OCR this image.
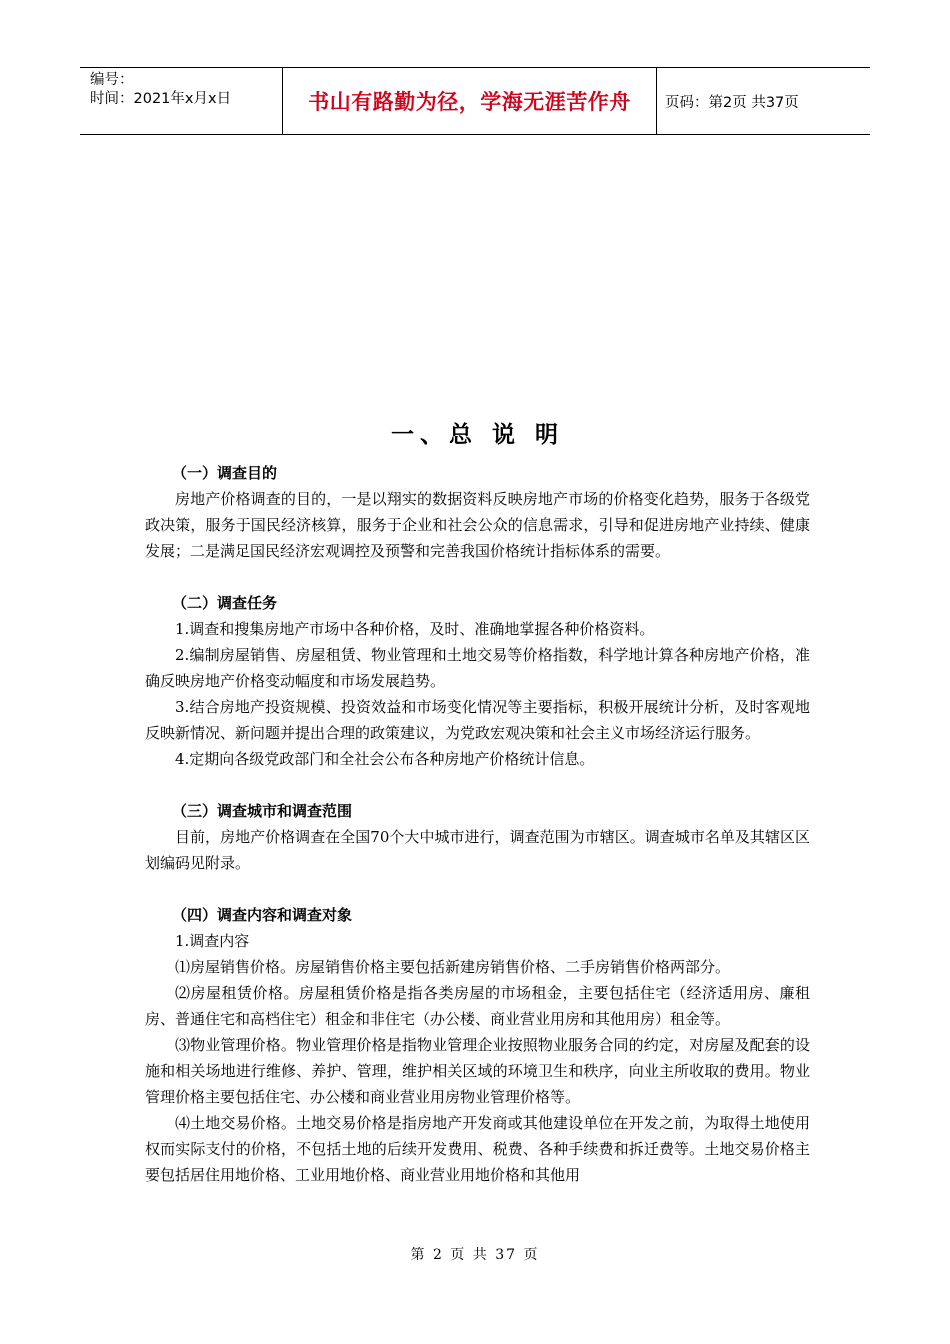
编号：
时间：2021年x月x日	书山有路勤为径，学海无涯苦作舟	页码：第2页 共37页
一、总 说 明

（一）调查目的

房地产价格调查的目的，一是以翔实的数据资料反映房地产市场的价格变化趋势，服务于各级党政决策，服务于国民经济核算，服务于企业和社会公众的信息需求，引导和促进房地产业持续、健康发展；二是满足国民经济宏观调控及预警和完善我国价格统计指标体系的需要。

（二）调查任务

1.调查和搜集房地产市场中各种价格，及时、准确地掌握各种价格资料。

2.编制房屋销售、房屋租赁、物业管理和土地交易等价格指数，科学地计算各种房地产价格，准确反映房地产价格变动幅度和市场发展趋势。

3.结合房地产投资规模、投资效益和市场变化情况等主要指标，积极开展统计分析，及时客观地反映新情况、新问题并提出合理的政策建议，为党政宏观决策和社会主义市场经济运行服务。

4.定期向各级党政部门和全社会公布各种房地产价格统计信息。

（三）调查城市和调查范围

目前，房地产价格调查在全国70个大中城市进行，调查范围为市辖区。调查城市名单及其辖区区划编码见附录。

（四）调查内容和调查对象

1.调查内容

⑴房屋销售价格。房屋销售价格主要包括新建房销售价格、二手房销售价格两部分。

⑵房屋租赁价格。房屋租赁价格是指各类房屋的市场租金，主要包括住宅（经济适用房、廉租房、普通住宅和高档住宅）租金和非住宅（办公楼、商业营业用房和其他用房）租金等。

⑶物业管理价格。物业管理价格是指物业管理企业按照物业服务合同的约定，对房屋及配套的设施和相关场地进行维修、养护、管理，维护相关区域的环境卫生和秩序，向业主所收取的费用。物业管理价格主要包括住宅、办公楼和商业营业用房物业管理价格等。

⑷土地交易价格。土地交易价格是指房地产开发商或其他建设单位在开发之前，为取得土地使用权而实际支付的价格，不包括土地的后续开发费用、税费、各种手续费和拆迁费等。土地交易价格主要包括居住用地价格、工业用地价格、商业营业用地价格和其他用

第 2 页 共 37 页
